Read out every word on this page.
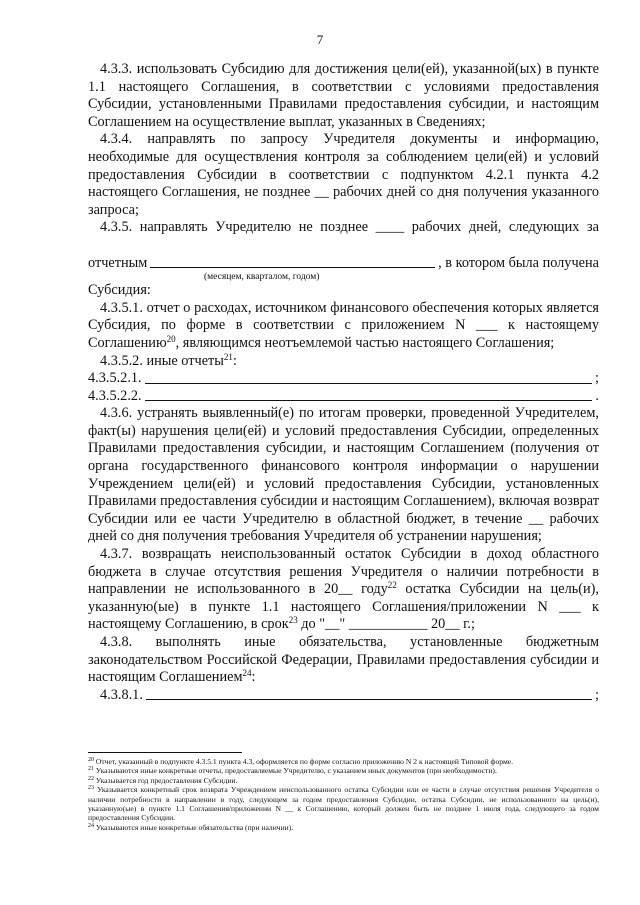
7

4.3.3. использовать Субсидию для достижения цели(ей), указанной(ых) в пункте 1.1 настоящего Соглашения, в соответствии с условиями предоставления Субсидии, установленными Правилами предоставления субсидии, и настоящим Соглашением на осуществление выплат, указанных в Сведениях;

4.3.4. направлять по запросу Учредителя документы и информацию, необходимые для осуществления контроля за соблюдением цели(ей) и условий предоставления Субсидии в соответствии с подпунктом 4.2.1 пункта 4.2 настоящего Соглашения, не позднее __ рабочих дней со дня получения указанного запроса;

4.3.5. направлять Учредителю не позднее ____ рабочих дней, следующих за
отчетным	, в котором была получена
(месяцем, кварталом, годом)

Субсидия:

4.3.5.1. отчет о расходах, источником финансового обеспечения которых является Субсидия, по форме в соответствии с приложением N ___ к настоящему Соглашению$^{20}$, являющимся неотъемлемой частью настоящего Соглашения;

4.3.5.2. иные отчеты$^{21}$:

4.3.5.2.1.	;
4.3.5.2.2.	.

4.3.6. устранять выявленный(е) по итогам проверки, проведенной Учредителем, факт(ы) нарушения цели(ей) и условий предоставления Субсидии, определенных Правилами предоставления субсидии, и настоящим Соглашением (получения от органа государственного финансового контроля информации о нарушении Учреждением цели(ей) и условий предоставления Субсидии, установленных Правилами предоставления субсидии и настоящим Соглашением), включая возврат Субсидии или ее части Учредителю в областной бюджет, в течение __ рабочих дней со дня получения требования Учредителя об устранении нарушения;

4.3.7. возвращать неиспользованный остаток Субсидии в доход областного бюджета в случае отсутствия решения Учредителя о наличии потребности в направлении не использованного в 20__ году$^{22}$ остатка Субсидии на цель(и), указанную(ые) в пункте 1.1 настоящего Соглашения/приложении N ___ к настоящему Соглашению, в срок$^{23}$ до "__" ___________ 20__ г.;

4.3.8. выполнять иные обязательства, установленные бюджетным законодательством Российской Федерации, Правилами предоставления субсидии и настоящим Соглашением$^{24}$:

4.3.8.1.	;

$^{20}$ Отчет, указанный в подпункте 4.3.5.1 пункта 4.3, оформляется по форме согласно приложению N 2 к настоящей Типовой форме.

$^{21}$ Указываются иные конкретные отчеты, предоставляемые Учредителю, с указанием иных документов (при необходимости).

$^{22}$ Указывается год предоставления Субсидии.

$^{23}$ Указывается конкретный срок возврата Учреждением неиспользованного остатка Субсидии или ее части в случае отсутствия решения Учредителя о наличии потребности в направлении в году, следующем за годом предоставления Субсидии, остатка Субсидии, не использованного на цель(и), указанную(ые) в пункте 1.1 Соглашения/приложении N __ к Соглашению, который должен быть не позднее 1 июля года, следующего за годом предоставления Субсидии.

$^{24}$ Указываются иные конкретные обязательства (при наличии).
